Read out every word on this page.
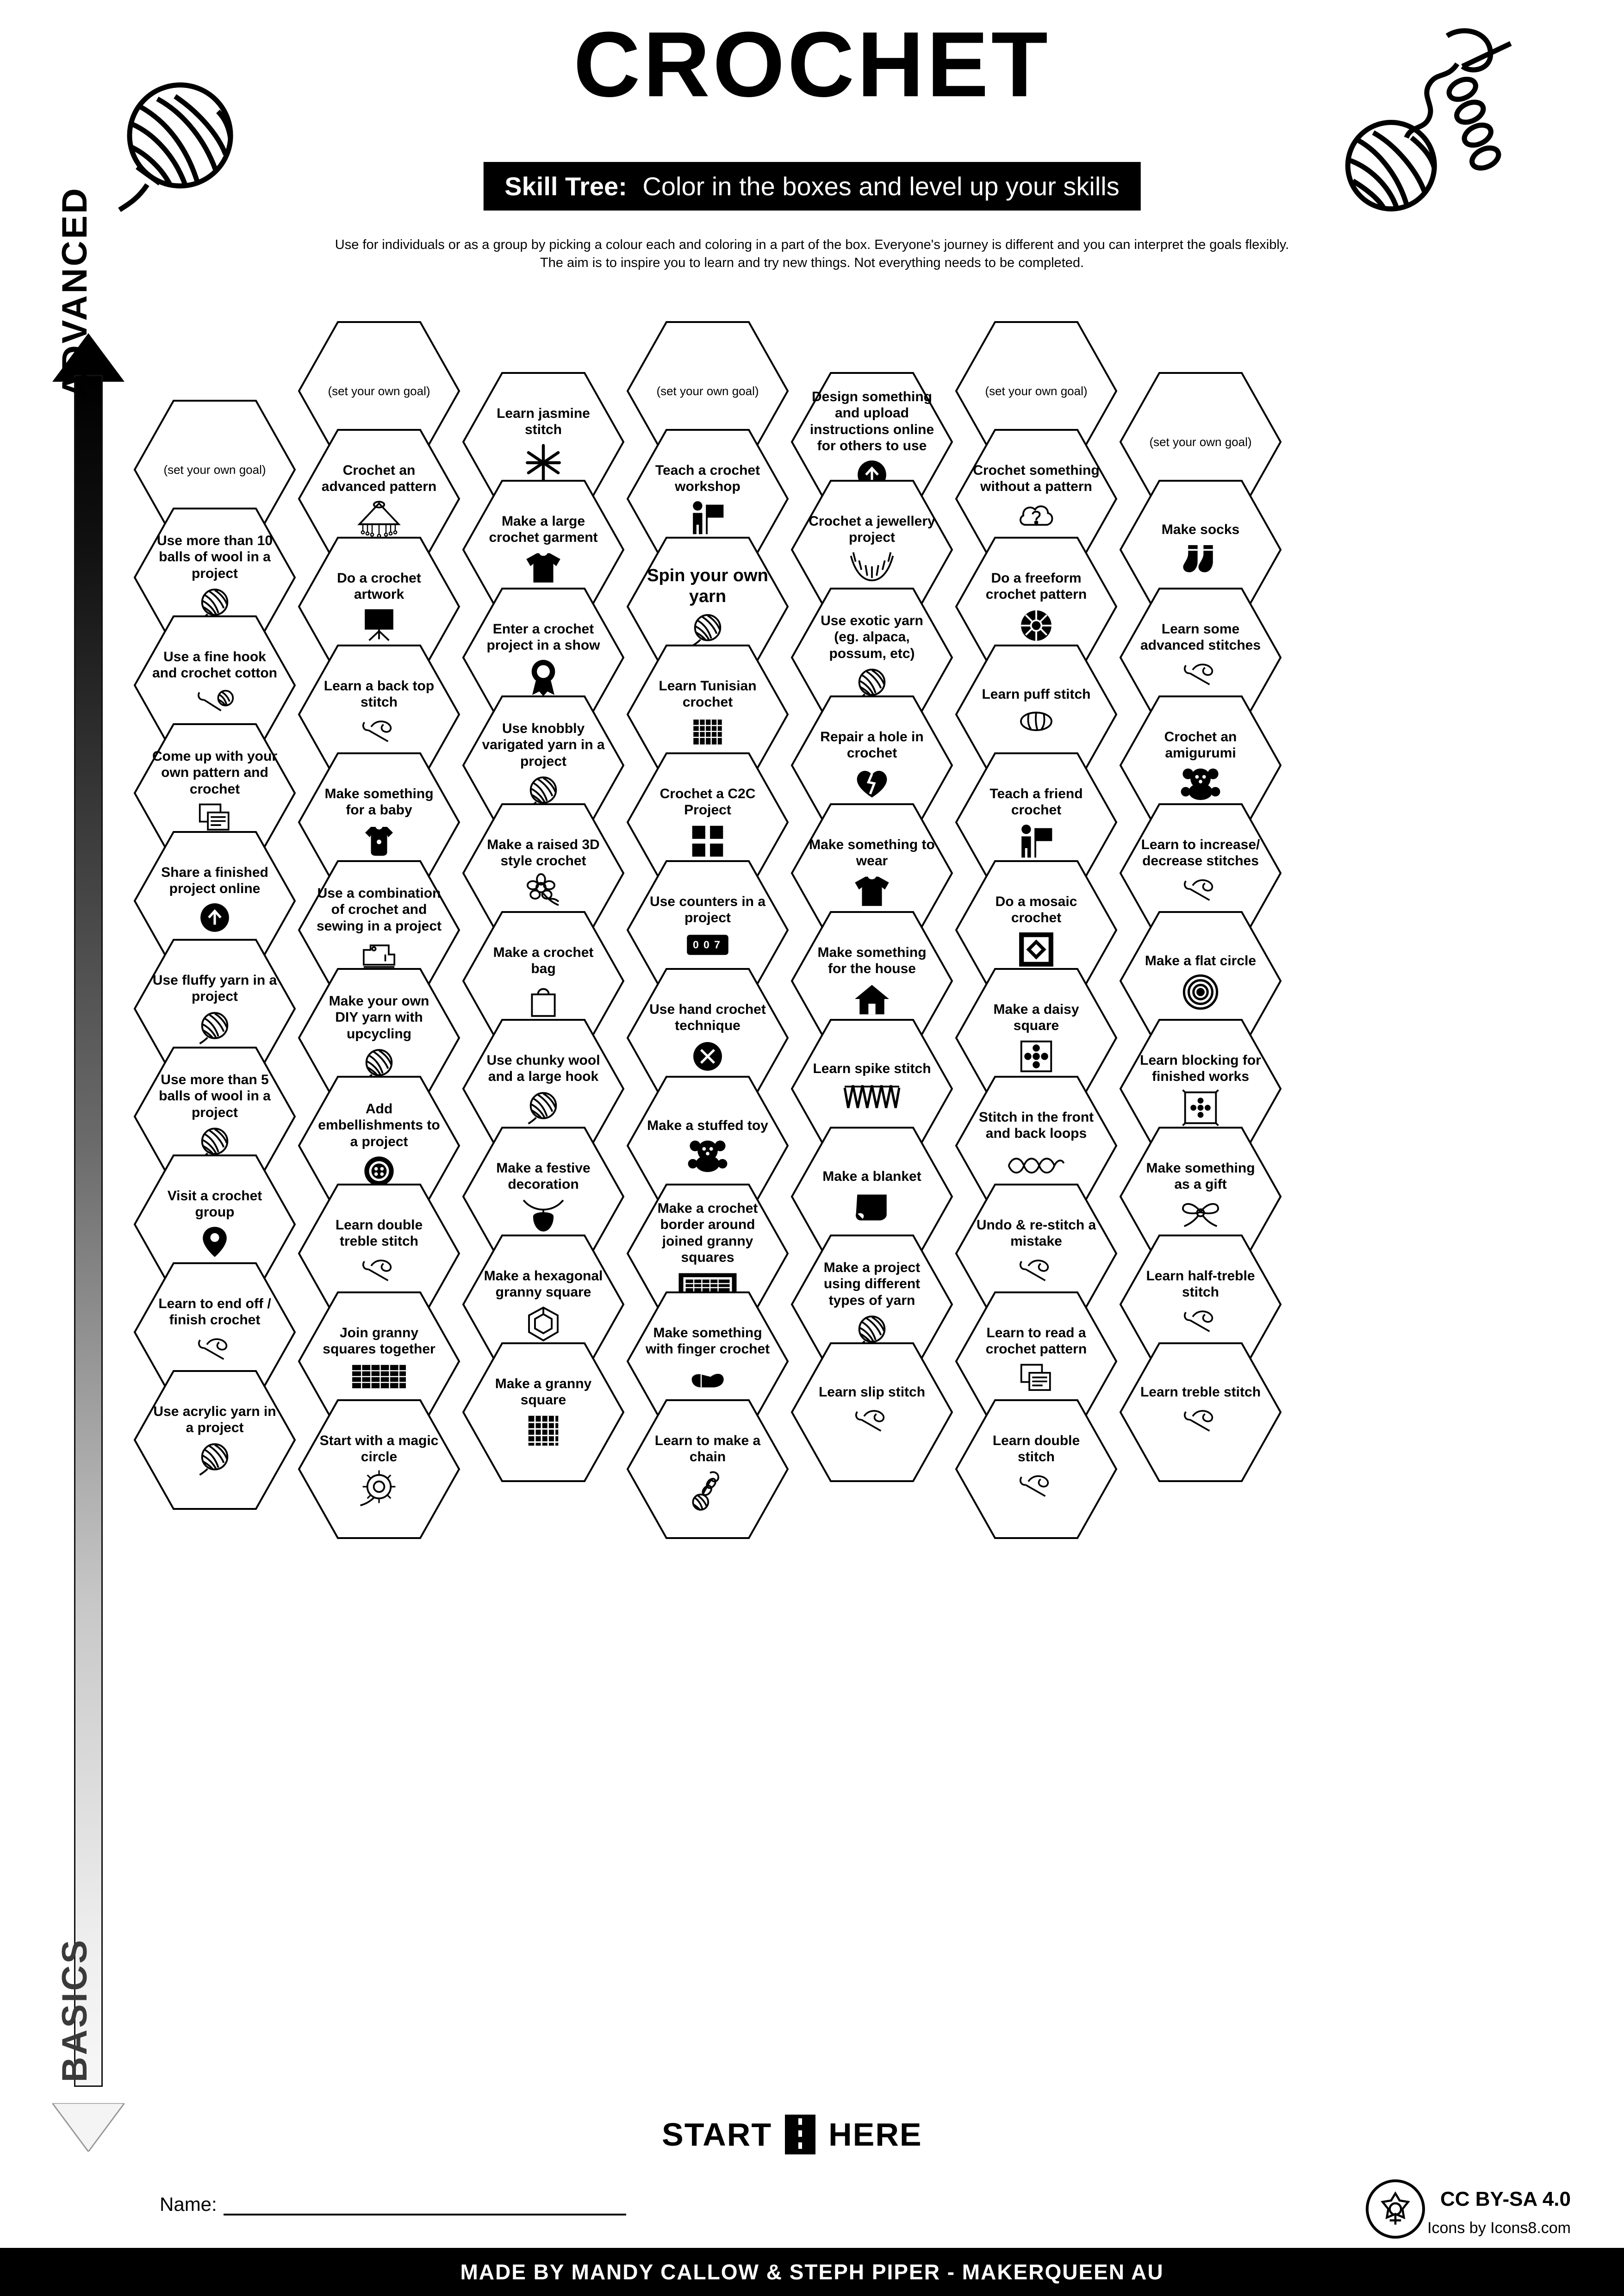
CROCHET
Skill Tree: Color in the boxes and level up your skills
Use for individuals or as a group by picking a colour each and coloring in a part of the box. Everyone's journey is different and you can interpret the goals flexibly. The aim is to inspire you to learn and try new things. Not everything needs to be completed.
ADVANCED
BASICS
(set your own goal)
Use more than 10 balls of wool in a project
Use a fine hook and crochet cotton
Come up with your own pattern and crochet
Share a finished project online
Use fluffy yarn in a project
Use more than 5 balls of wool in a project
Visit a crochet group
Learn to end off / finish crochet
Use acrylic yarn in a project
(set your own goal)
Crochet an advanced pattern
Do a crochet artwork
Learn a back top stitch
Make something for a baby
Use a combination of crochet and sewing in a project
Make your own DIY yarn with upcycling
Add embellishments to a project
Learn double treble stitch
Join granny squares together
Start with a magic circle
Learn jasmine stitch
Make a large crochet garment
Enter a crochet project in a show
Use knobbly varigated yarn in a project
Make a raised 3D style crochet
Make a crochet bag
Use chunky wool and a large hook
Make a festive decoration
Make a hexagonal granny square
Make a granny square
(set your own goal)
Teach a crochet workshop
Spin your own yarn
Learn Tunisian crochet
Crochet a C2C Project
Use counters in a project
0 0 7
Use hand crochet technique
Make a stuffed toy
Make a crochet border around joined granny squares
Make something with finger crochet
Learn to make a chain
Design something and upload instructions online for others to use
Crochet a jewellery project
Use exotic yarn (eg. alpaca, possum, etc)
Repair a hole in crochet
Make something to wear
Make something for the house
Learn spike stitch
Make a blanket
Make a project using different types of yarn
Learn slip stitch
(set your own goal)
Crochet something without a pattern
Do a freeform crochet pattern
Learn puff stitch
Teach a friend crochet
Do a mosaic crochet
Make a daisy square
Stitch in the front and back loops
Undo & re-stitch a mistake
Learn to read a crochet pattern
Learn double stitch
(set your own goal)
Make socks
Learn some advanced stitches
Crochet an amigurumi
Learn to increase/ decrease stitches
Make a flat circle
Learn blocking for finished works
Make something as a gift
Learn half-treble stitch
Learn treble stitch
START HERE
Name:	CC BY-SA 4.0
Icons by Icons8.com
MADE BY MANDY CALLOW & STEPH PIPER - MAKERQUEEN AU
